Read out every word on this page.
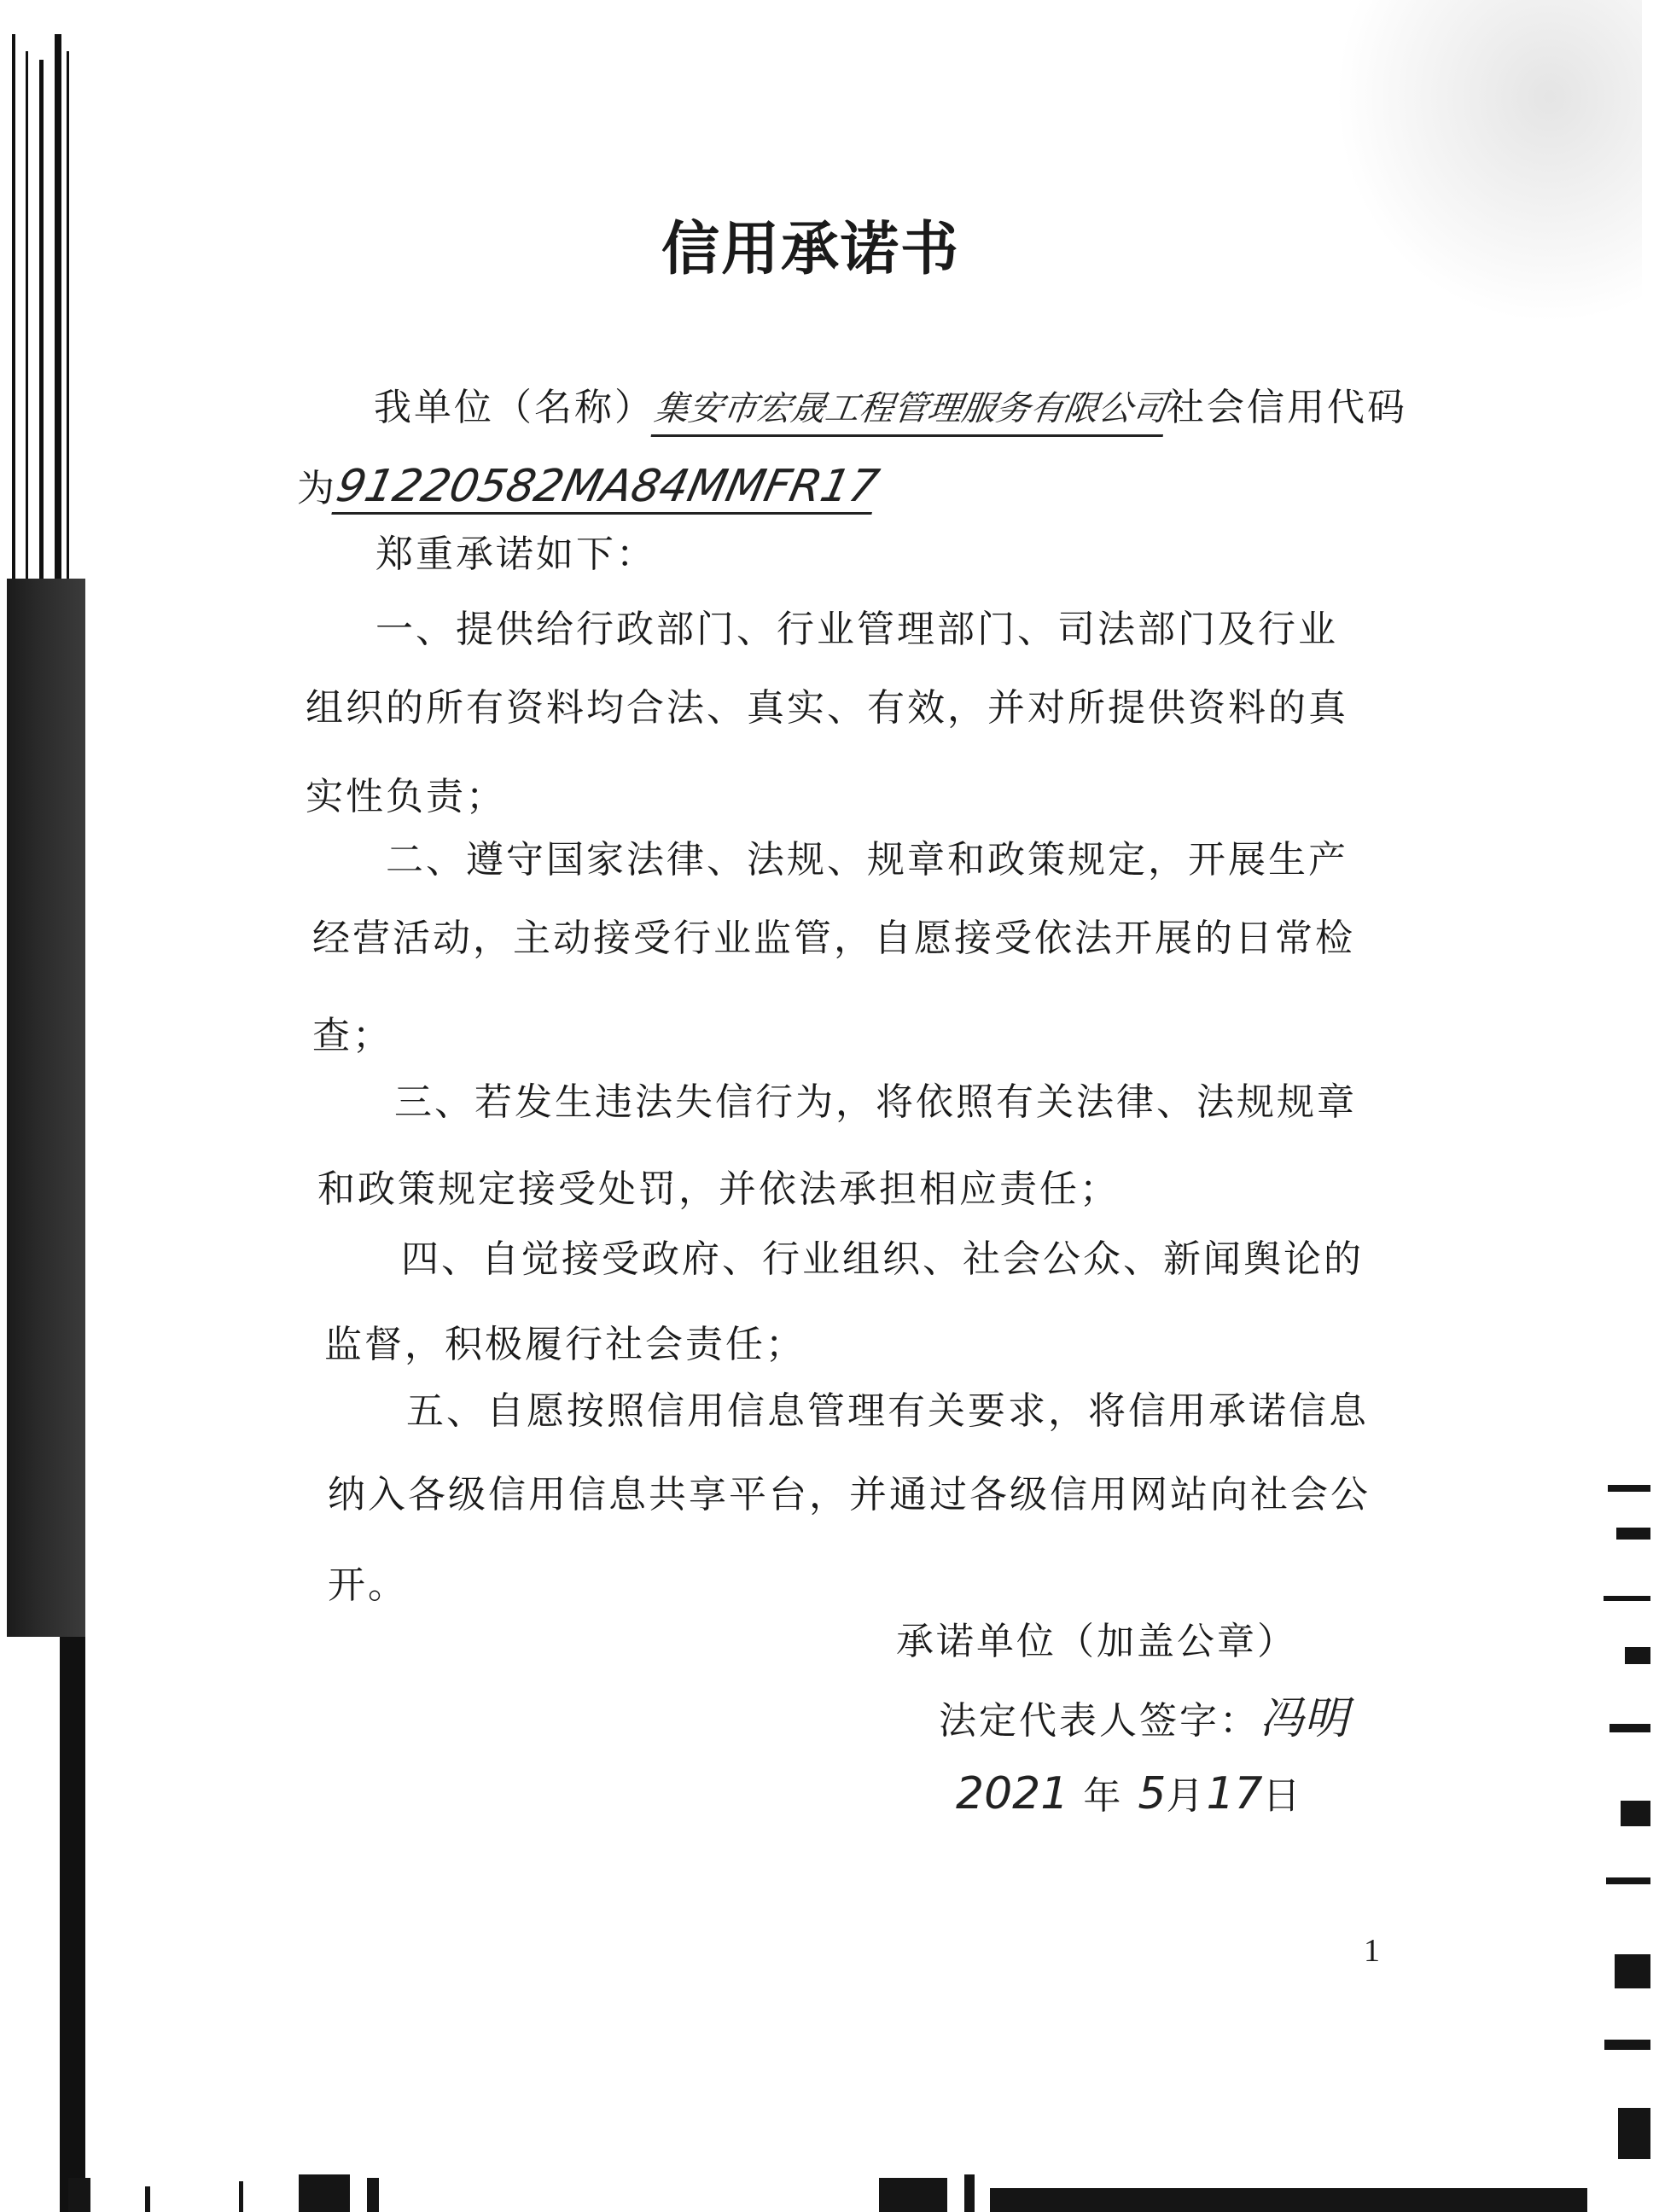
信用承诺书
我单位（名称）集安市宏晟工程管理服务有限公司社会信用代码
为91220582MA84MMFR17
郑重承诺如下：
一、提供给行政部门、行业管理部门、司法部门及行业
组织的所有资料均合法、真实、有效，并对所提供资料的真
实性负责；
二、遵守国家法律、法规、规章和政策规定，开展生产
经营活动，主动接受行业监管，自愿接受依法开展的日常检
查；
三、若发生违法失信行为，将依照有关法律、法规规章
和政策规定接受处罚，并依法承担相应责任；
四、自觉接受政府、行业组织、社会公众、新闻舆论的
监督，积极履行社会责任；
五、自愿按照信用信息管理有关要求，将信用承诺信息
纳入各级信用信息共享平台，并通过各级信用网站向社会公
开。
承诺单位（加盖公章）
法定代表人签字：冯明
2021 年 5月17日
1
